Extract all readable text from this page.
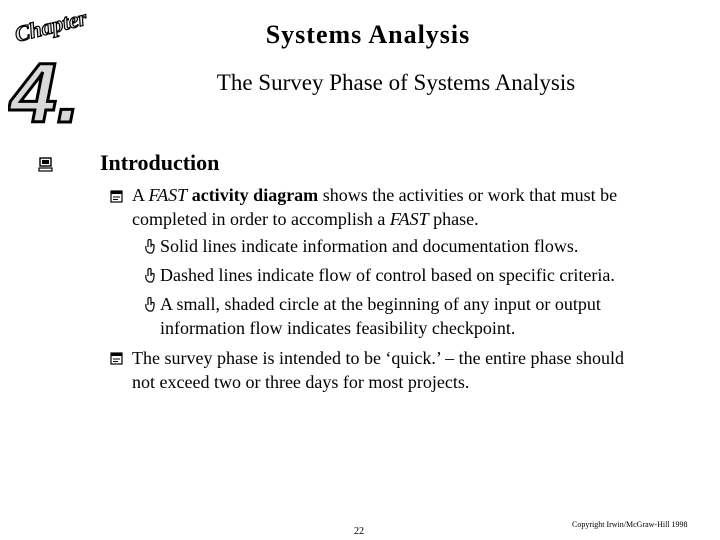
Chapter
4.
Systems Analysis
The Survey Phase of Systems Analysis
Introduction
A FAST activity diagram shows the activities or work that must be completed in order to accomplish a FAST phase.
Solid lines indicate information and documentation flows.
Dashed lines indicate flow of control based on specific criteria.
A small, shaded circle at the beginning of any input or output information flow indicates feasibility checkpoint.
The survey phase is intended to be ‘quick.’ – the entire phase should not exceed two or three days for most projects.
22
Copyright Irwin/McGraw-Hill 1998
